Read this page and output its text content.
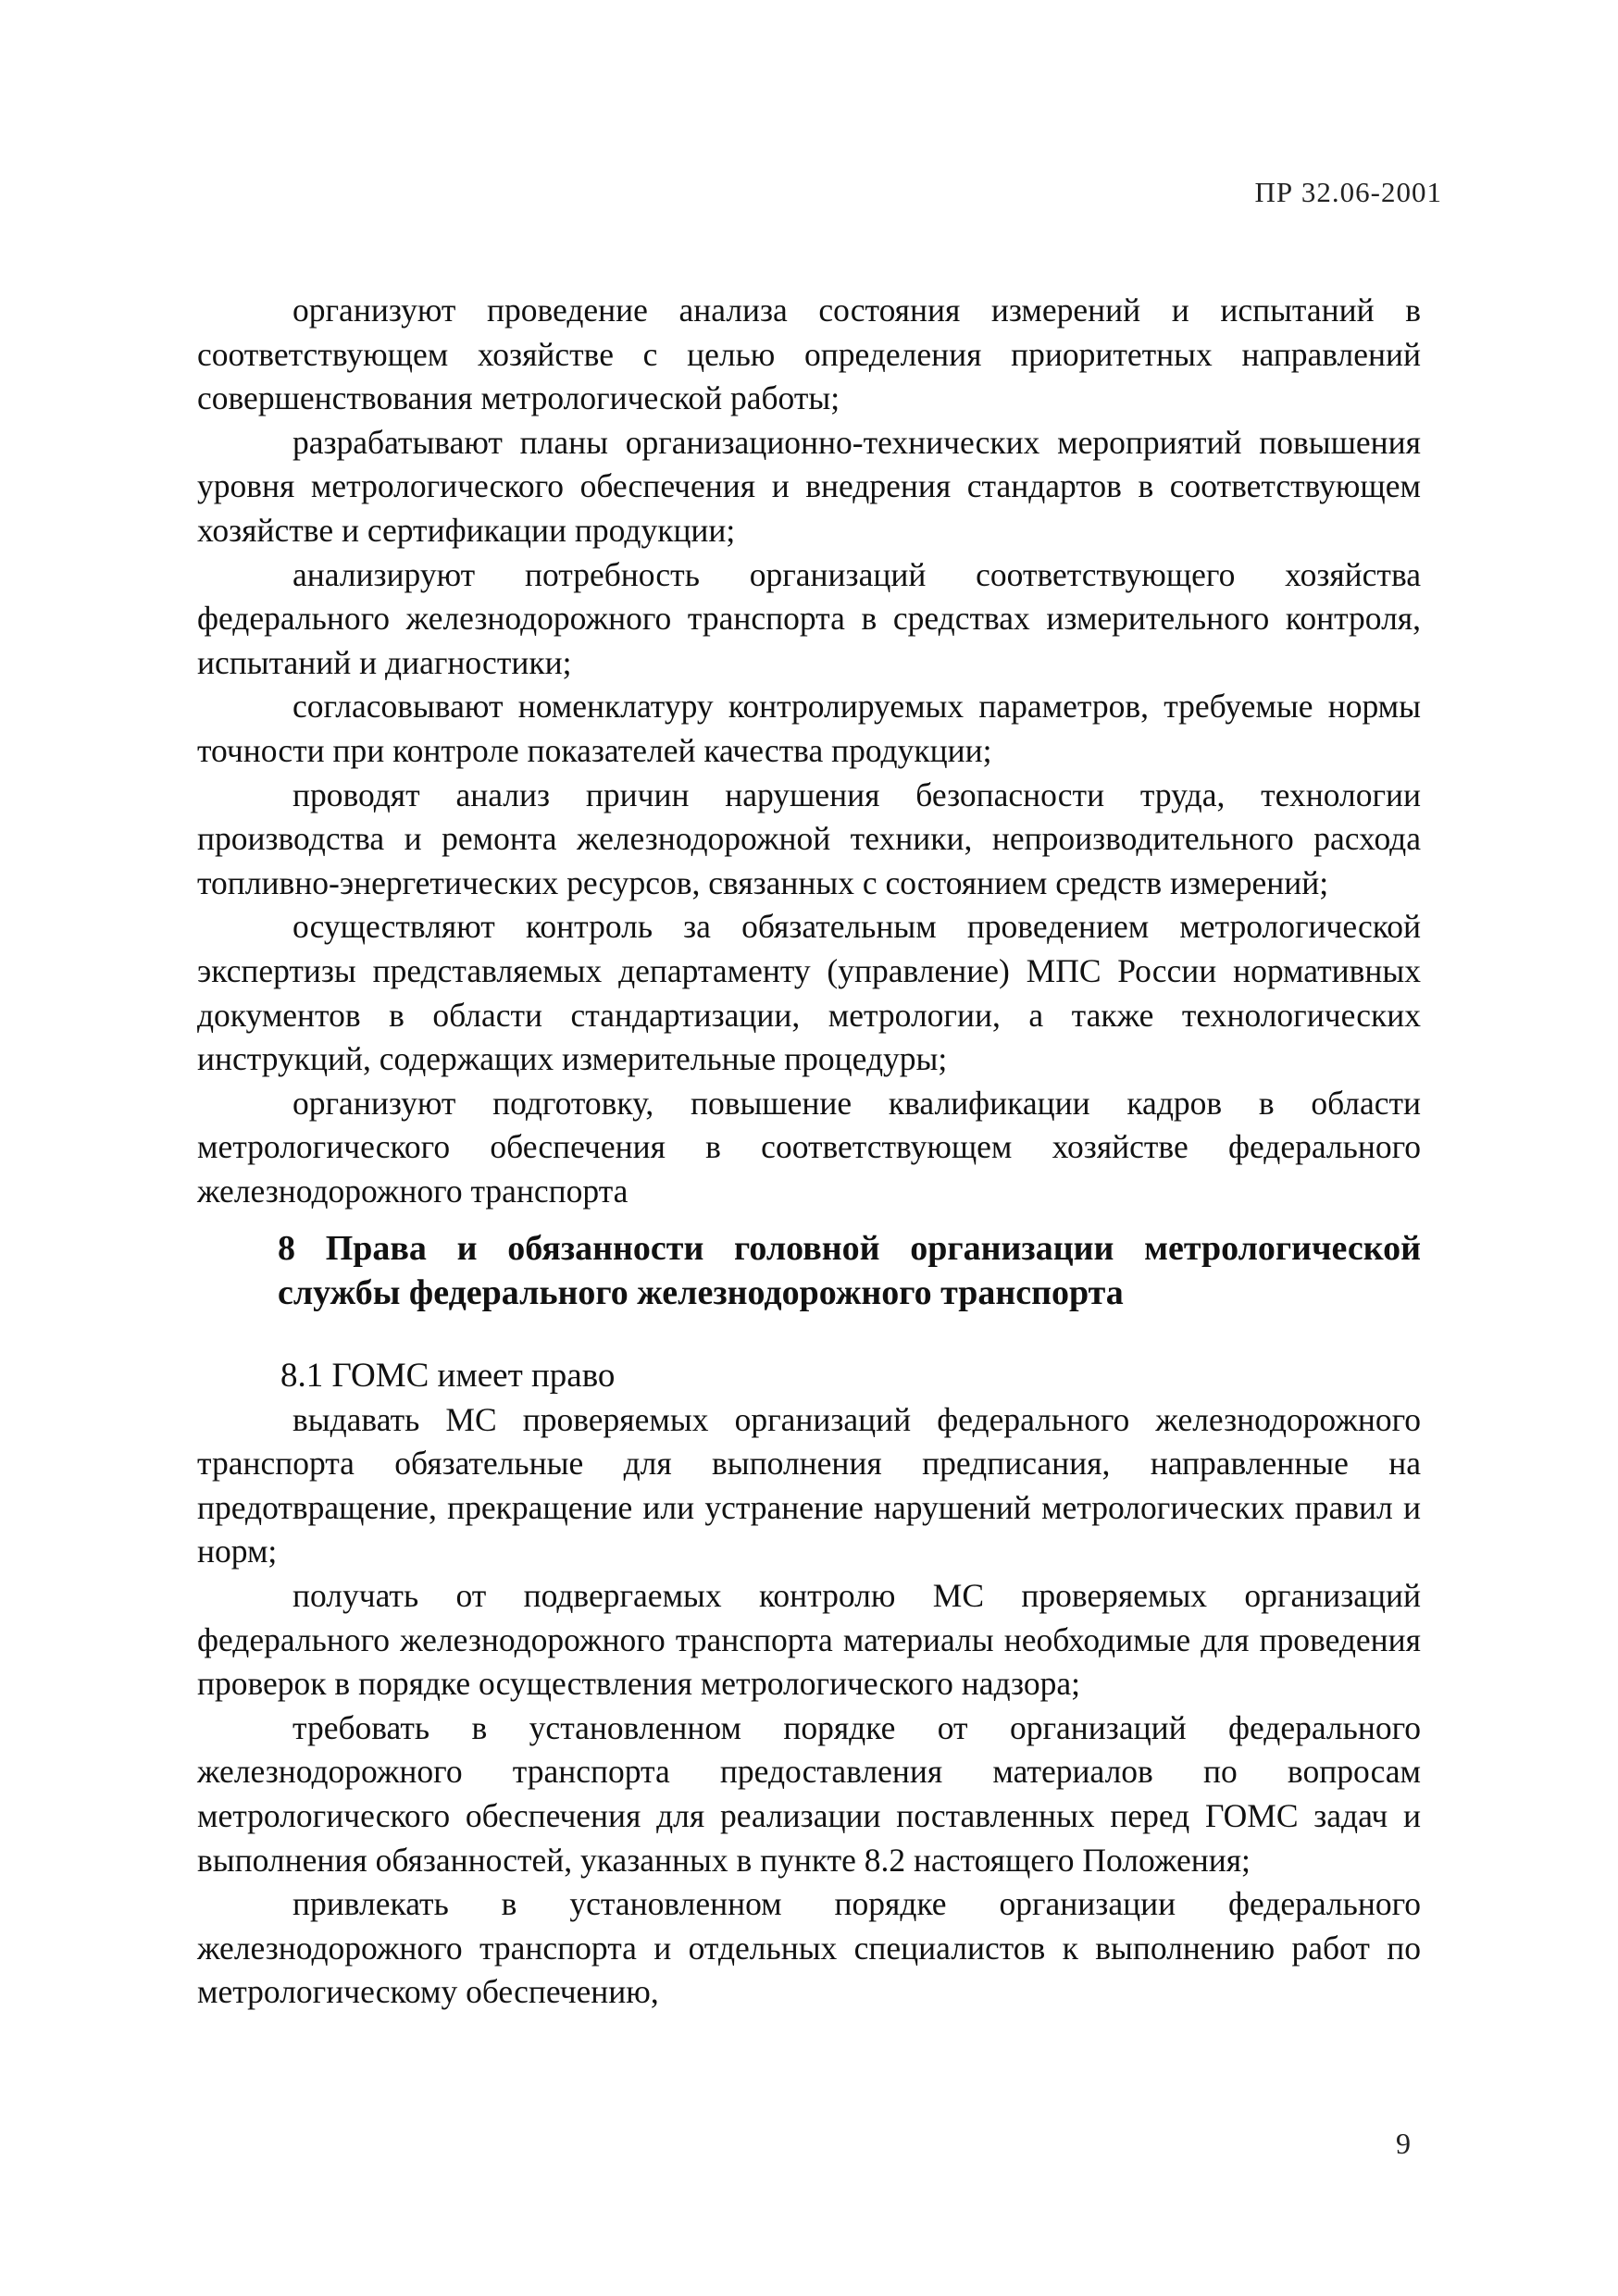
ПР 32.06-2001

организуют проведение анализа состояния измерений и испытаний в соответствующем хозяйстве с целью определения приоритетных направлений совершенствования метрологической работы;

разрабатывают планы организационно-технических мероприятий повышения уровня метрологического обеспечения и внедрения стандартов в соответствующем хозяйстве и сертификации продукции;

анализируют потребность организаций соответствующего хозяйства федерального железнодорожного транспорта в средствах измерительного контроля, испытаний и диагностики;

согласовывают номенклатуру контролируемых параметров, требуемые нормы точности при контроле показателей качества продукции;

проводят анализ причин нарушения безопасности труда, технологии производства и ремонта железнодорожной техники, непроизводительного расхода топливно-энергетических ресурсов, связанных с состоянием средств измерений;

осуществляют контроль за обязательным проведением метрологической экспертизы представляемых департаменту (управление) МПС России нормативных документов в области стандартизации, метрологии, а также технологических инструкций, содержащих измерительные процедуры;

организуют подготовку, повышение квалификации кадров в области метрологического обеспечения в соответствующем хозяйстве федерального железнодорожного транспорта

8 Права и обязанности головной организации метрологической службы федерального железнодорожного транспорта

8.1 ГОМС имеет право

выдавать МС проверяемых организаций федерального железнодорожного транспорта обязательные для выполнения предписания, направленные на предотвращение, прекращение или устранение нарушений метрологических правил и норм;

получать от подвергаемых контролю МС проверяемых организаций федерального железнодорожного транспорта материалы необходимые для проведения проверок в порядке осуществления метрологического надзора;

требовать в установленном порядке от организаций федерального железнодорожного транспорта предоставления материалов по вопросам метрологического обеспечения для реализации поставленных перед ГОМС задач и выполнения обязанностей, указанных в пункте 8.2 настоящего Положения;

привлекать в установленном порядке организации федерального железнодорожного транспорта и отдельных специалистов к выполнению работ по метрологическому обеспечению,

9
